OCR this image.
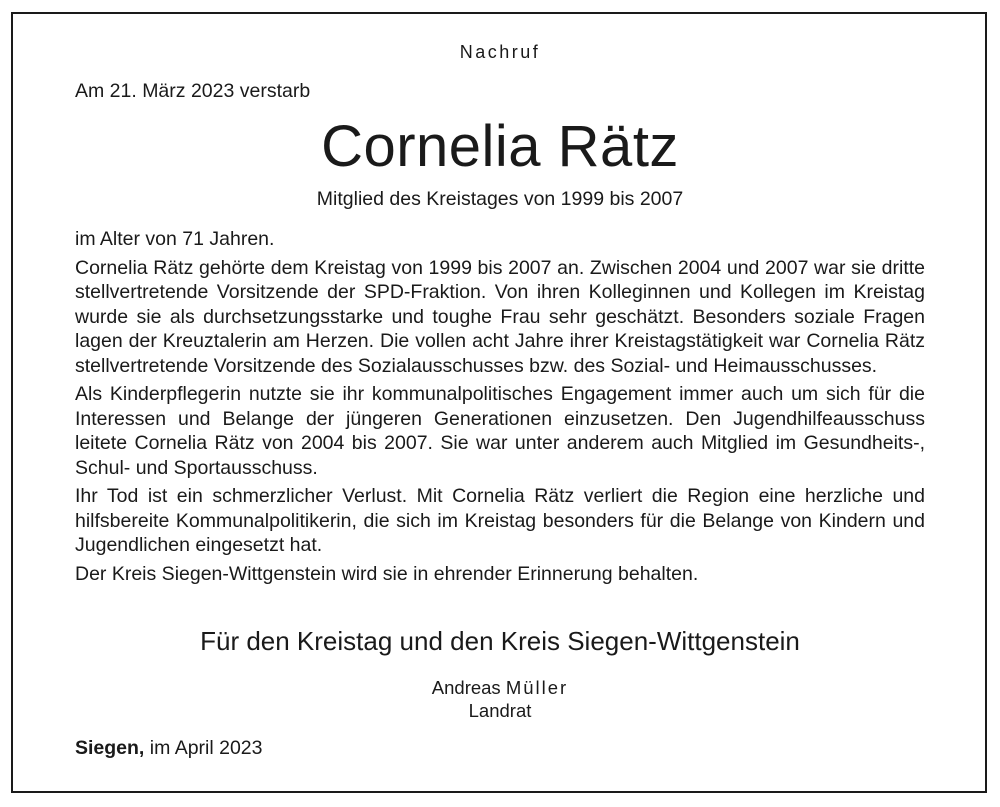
Nachruf
Am 21. März 2023 verstarb
Cornelia Rätz
Mitglied des Kreistages von 1999 bis 2007

im Alter von 71 Jahren.

Cornelia Rätz gehörte dem Kreistag von 1999 bis 2007 an. Zwischen 2004 und 2007 war sie dritte stellvertretende Vorsitzende der SPD-Fraktion. Von ihren Kolleginnen und Kollegen im Kreistag wurde sie als durchsetzungsstarke und toughe Frau sehr geschätzt. Besonders soziale Fragen lagen der Kreuztalerin am Herzen. Die vollen acht Jahre ihrer Kreistagstätigkeit war Cornelia Rätz stellvertretende Vorsitzende des Sozialausschusses bzw. des Sozial- und Heimausschusses.

Als Kinderpflegerin nutzte sie ihr kommunalpolitisches Engagement immer auch um sich für die Interessen und Belange der jüngeren Generationen einzusetzen. Den Jugendhilfeausschuss leitete Cornelia Rätz von 2004 bis 2007. Sie war unter anderem auch Mitglied im Gesundheits-, Schul- und Sportausschuss.

Ihr Tod ist ein schmerzlicher Verlust. Mit Cornelia Rätz verliert die Region eine herzliche und hilfsbereite Kommunalpolitikerin, die sich im Kreistag besonders für die Belange von Kindern und Jugendlichen eingesetzt hat.

Der Kreis Siegen-Wittgenstein wird sie in ehrender Erinnerung behalten.

Für den Kreistag und den Kreis Siegen-Wittgenstein
Andreas Müller
Landrat
Siegen, im April 2023
